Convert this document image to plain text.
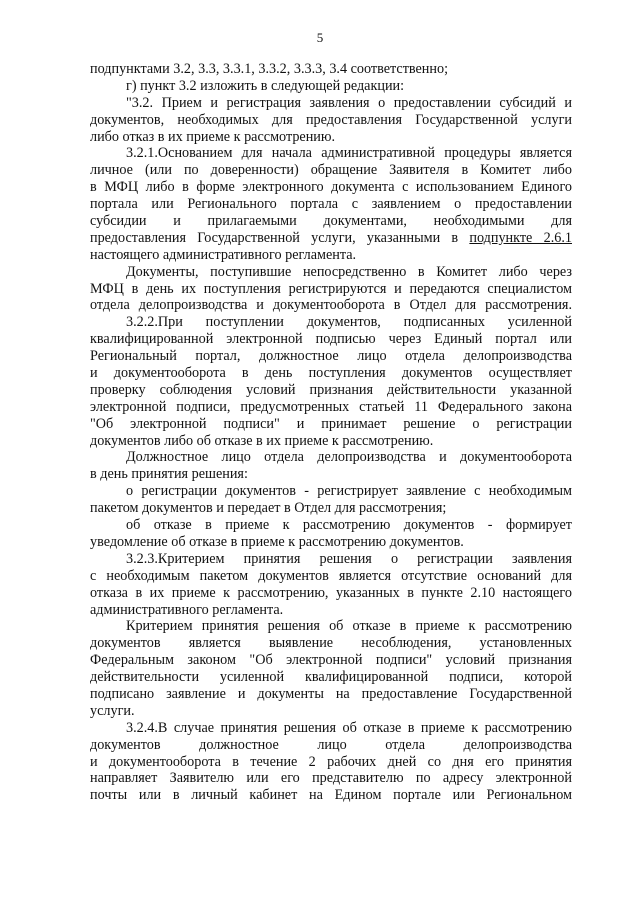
5
подпунктами 3.2, 3.3, 3.3.1, 3.3.2, 3.3.3, 3.4 соответственно;
г) пункт 3.2 изложить в следующей редакции:
"3.2. Прием и регистрация заявления о предоставлении субсидий и
документов, необходимых для предоставления Государственной услуги
либо отказ в их приеме к рассмотрению.
3.2.1.Основанием для начала административной процедуры является
личное (или по доверенности) обращение Заявителя в Комитет либо
в МФЦ либо в форме электронного документа с использованием Единого
портала или Регионального портала с заявлением о предоставлении
субсидии и прилагаемыми документами, необходимыми для
предоставления Государственной услуги, указанными в подпункте 2.6.1
настоящего административного регламента.
Документы, поступившие непосредственно в Комитет либо через
МФЦ в день их поступления регистрируются и передаются специалистом
отдела делопроизводства и документооборота в Отдел для рассмотрения.
3.2.2.При поступлении документов, подписанных усиленной
квалифицированной электронной подписью через Единый портал или
Региональный портал, должностное лицо отдела делопроизводства
и документооборота в день поступления документов осуществляет
проверку соблюдения условий признания действительности указанной
электронной подписи, предусмотренных статьей 11 Федерального закона
"Об электронной подписи" и принимает решение о регистрации
документов либо об отказе в их приеме к рассмотрению.
Должностное лицо отдела делопроизводства и документооборота
в день принятия решения:
о регистрации документов - регистрирует заявление с необходимым
пакетом документов и передает в Отдел для рассмотрения;
об отказе в приеме к рассмотрению документов - формирует
уведомление об отказе в приеме к рассмотрению документов.
3.2.3.Критерием принятия решения о регистрации заявления
с необходимым пакетом документов является отсутствие оснований для
отказа в их приеме к рассмотрению, указанных в пункте 2.10 настоящего
административного регламента.
Критерием принятия решения об отказе в приеме к рассмотрению
документов является выявление несоблюдения, установленных
Федеральным законом "Об электронной подписи" условий признания
действительности усиленной квалифицированной подписи, которой
подписано заявление и документы на предоставление Государственной
услуги.
3.2.4.В случае принятия решения об отказе в приеме к рассмотрению
документов должностное лицо отдела делопроизводства
и документооборота в течение 2 рабочих дней со дня его принятия
направляет Заявителю или его представителю по адресу электронной
почты или в личный кабинет на Едином портале или Региональном
